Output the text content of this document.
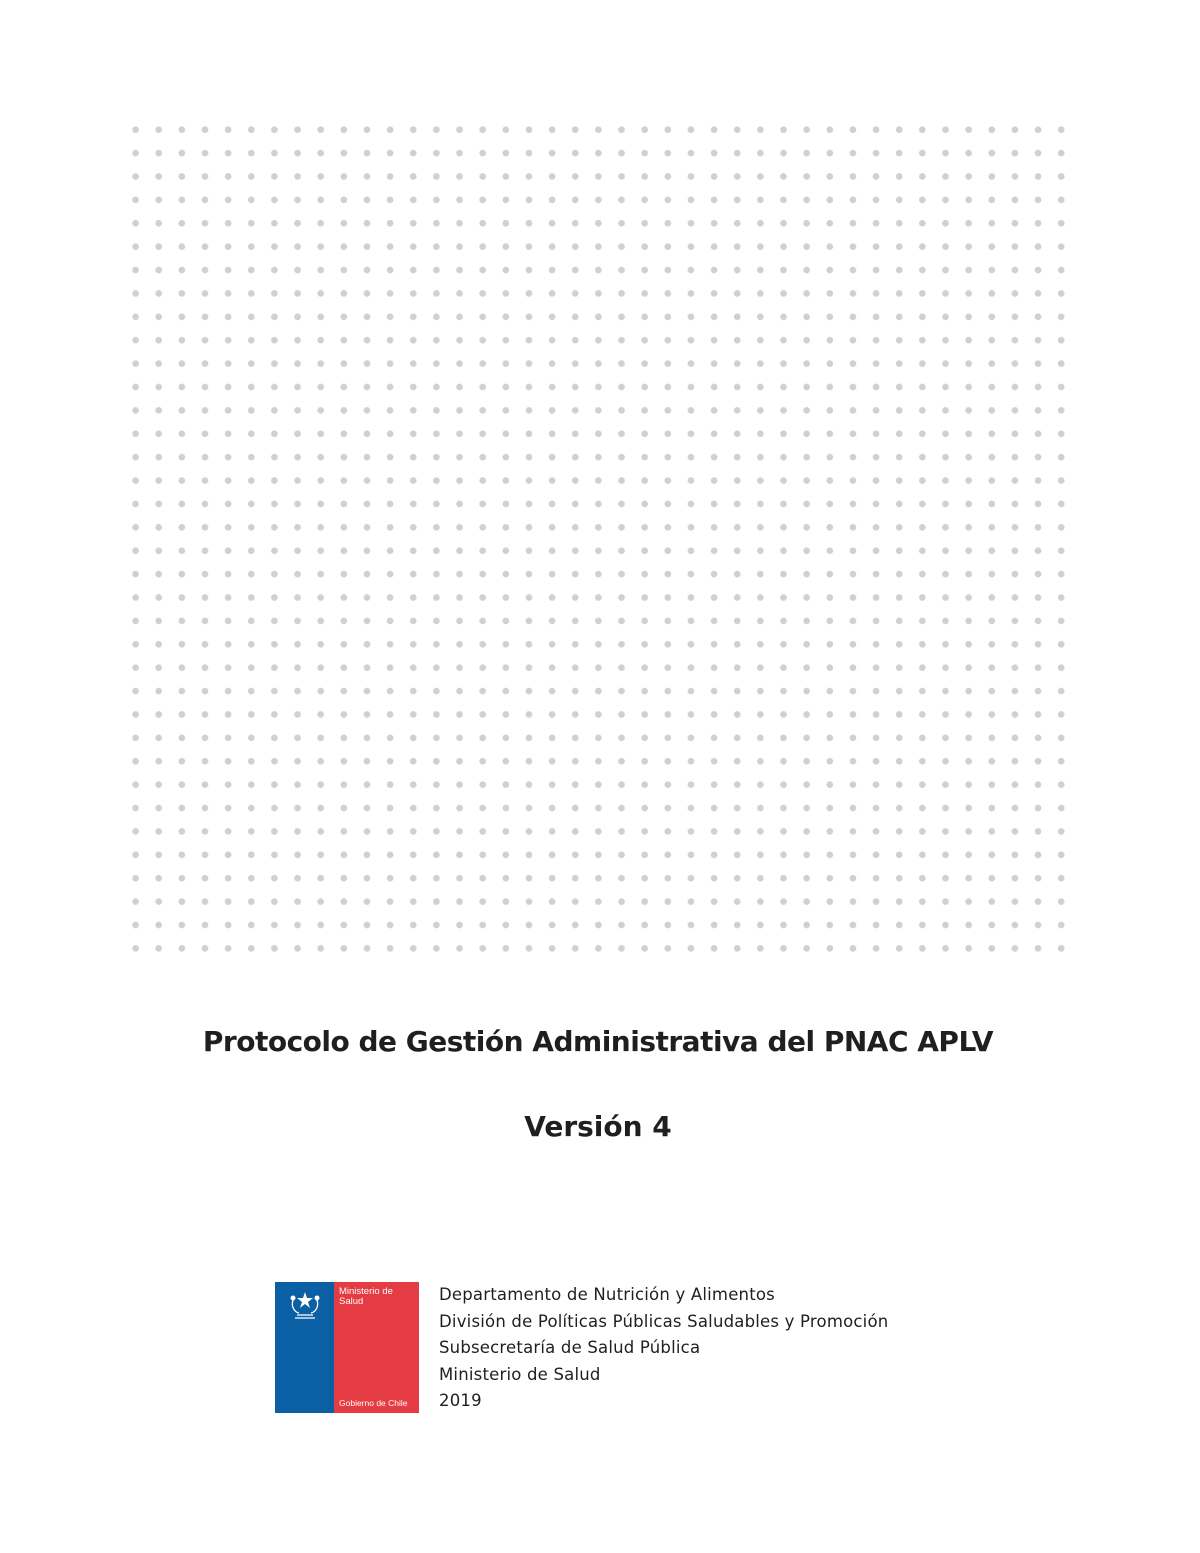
Protocolo de Gestión Administrativa del PNAC APLV
Versión 4
Ministerio de
Salud
Gobierno de Chile
Departamento de Nutrición y Alimentos
División de Políticas Públicas Saludables y Promoción
Subsecretaría de Salud Pública
Ministerio de Salud
2019
